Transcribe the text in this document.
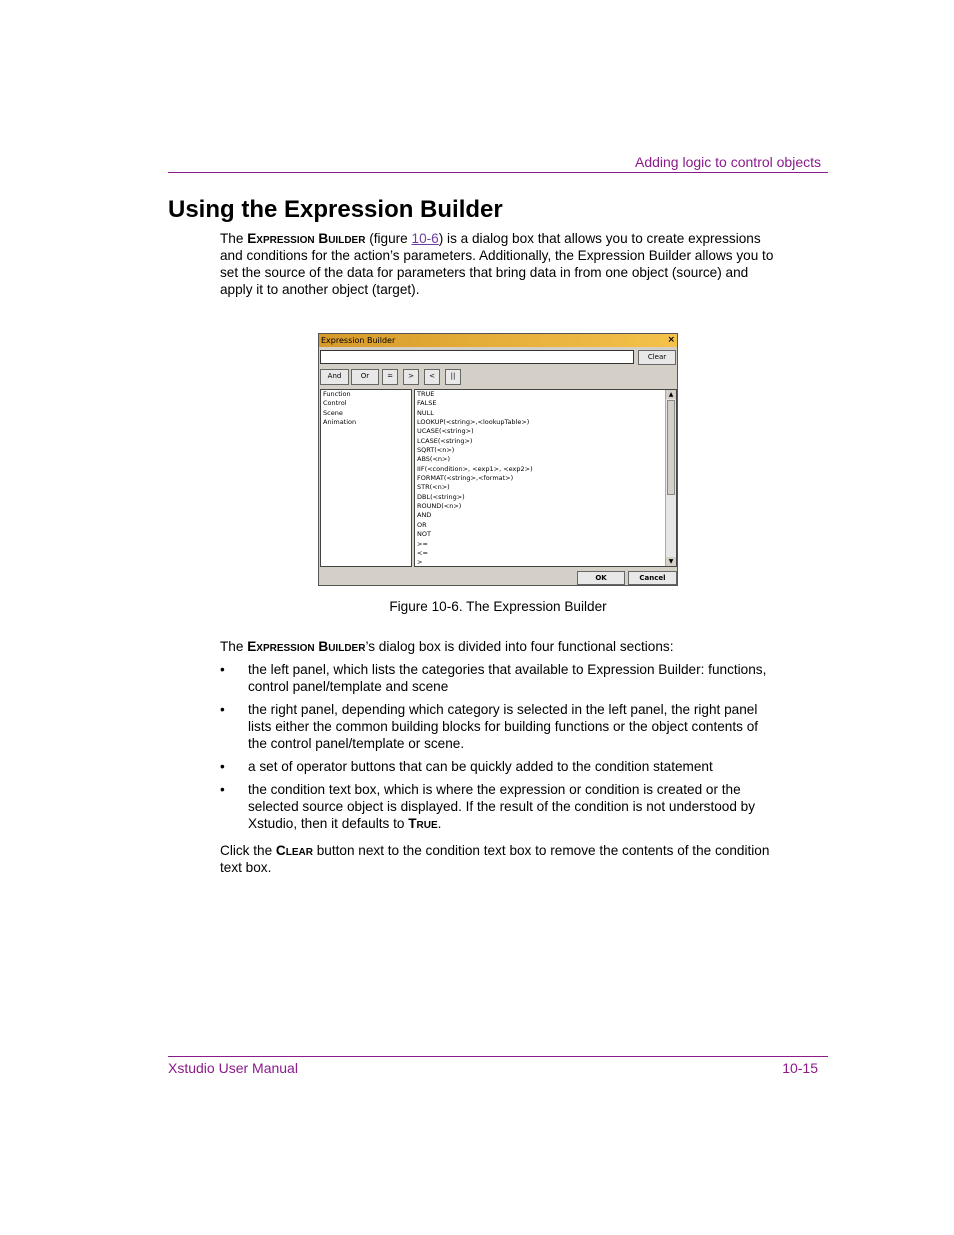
Adding logic to control objects
Using the Expression Builder

The Expression Builder (figure 10-6) is a dialog box that allows you to create expressions and conditions for the action’s parameters. Additionally, the Expression Builder allows you to set the source of the data for parameters that bring data in from one object (source) and apply it to another object (target).

Expression Builder	×
Clear
And	Or	=	>	<	||
Function
Control
Scene
Animation
TRUE
FALSE
NULL
LOOKUP(<string>,<lookupTable>)
UCASE(<string>)
LCASE(<string>)
SQRT(<n>)
ABS(<n>)
IIF(<condition>, <exp1>, <exp2>)
FORMAT(<string>,<format>)
STR(<n>)
DBL(<string>)
ROUND(<n>)
AND
OR
NOT
>=
<=
>
▲
▼
OK	Cancel
Figure 10-6. The Expression Builder

The Expression Builder’s dialog box is divided into four functional sections:

• the left panel, which lists the categories that available to Expression Builder: functions, control panel/template and scene
• the right panel, depending which category is selected in the left panel, the right panel lists either the common building blocks for building functions or the object contents of the control panel/template or scene.
• a set of operator buttons that can be quickly added to the condition statement
• the condition text box, which is where the expression or condition is created or the selected source object is displayed. If the result of the condition is not understood by Xstudio, then it defaults to True.

Click the Clear button next to the condition text box to remove the contents of the condition text box.

Xstudio User Manual	10-15
